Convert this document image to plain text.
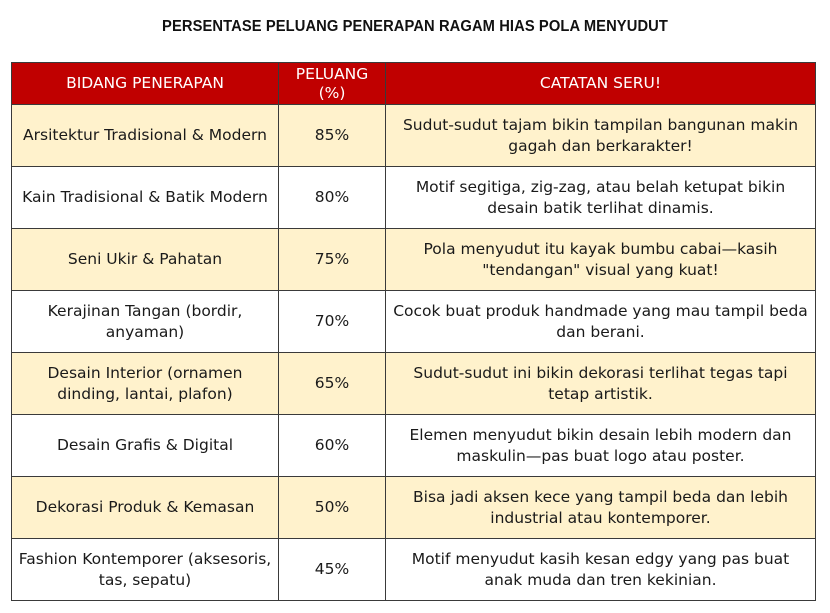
PERSENTASE PELUANG PENERAPAN RAGAM HIAS POLA MENYUDUT
BIDANG PENERAPAN	PELUANG (%)	CATATAN SERU!
Arsitektur Tradisional & Modern	85%	Sudut-sudut tajam bikin tampilan bangunan makin gagah dan berkarakter!
Kain Tradisional & Batik Modern	80%	Motif segitiga, zig-zag, atau belah ketupat bikin desain batik terlihat dinamis.
Seni Ukir & Pahatan	75%	Pola menyudut itu kayak bumbu cabai—kasih "tendangan" visual yang kuat!
Kerajinan Tangan (bordir, anyaman)	70%	Cocok buat produk handmade yang mau tampil beda dan berani.
Desain Interior (ornamen dinding, lantai, plafon)	65%	Sudut-sudut ini bikin dekorasi terlihat tegas tapi tetap artistik.
Desain Grafis & Digital	60%	Elemen menyudut bikin desain lebih modern dan maskulin—pas buat logo atau poster.
Dekorasi Produk & Kemasan	50%	Bisa jadi aksen kece yang tampil beda dan lebih industrial atau kontemporer.
Fashion Kontemporer (aksesoris, tas, sepatu)	45%	Motif menyudut kasih kesan edgy yang pas buat anak muda dan tren kekinian.
